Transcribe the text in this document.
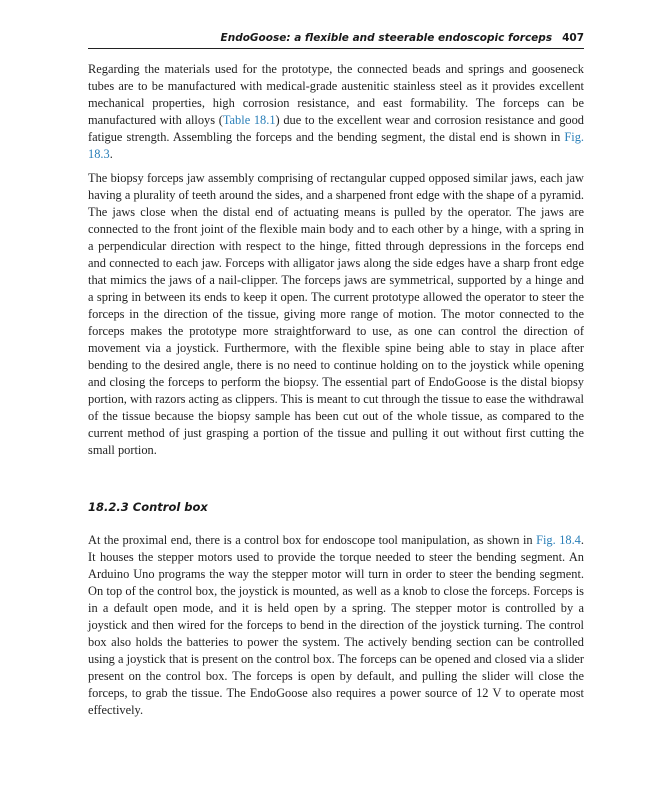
EndoGoose: a flexible and steerable endoscopic forceps 407

Regarding the materials used for the prototype, the connected beads and springs and gooseneck tubes are to be manufactured with medical-grade austenitic stainless steel as it provides excellent mechanical properties, high corrosion resistance, and east formability. The forceps can be manufactured with alloys (Table 18.1) due to the excellent wear and corrosion resistance and good fatigue strength. Assembling the forceps and the bending segment, the distal end is shown in Fig. 18.3.

The biopsy forceps jaw assembly comprising of rectangular cupped opposed similar jaws, each jaw having a plurality of teeth around the sides, and a sharpened front edge with the shape of a pyramid. The jaws close when the distal end of actuating means is pulled by the operator. The jaws are connected to the front joint of the flexible main body and to each other by a hinge, with a spring in a perpendicular direction with respect to the hinge, fitted through depressions in the forceps end and connected to each jaw. Forceps with alligator jaws along the side edges have a sharp front edge that mimics the jaws of a nail-clipper. The forceps jaws are symmetrical, supported by a hinge and a spring in between its ends to keep it open. The current prototype allowed the operator to steer the forceps in the direction of the tissue, giving more range of motion. The motor connected to the forceps makes the prototype more straightforward to use, as one can control the direction of movement via a joystick. Furthermore, with the flexible spine being able to stay in place after bending to the desired angle, there is no need to continue holding on to the joystick while opening and closing the forceps to perform the biopsy. The essential part of EndoGoose is the distal biopsy portion, with razors acting as clippers. This is meant to cut through the tissue to ease the withdrawal of the tissue because the biopsy sample has been cut out of the whole tissue, as compared to the current method of just grasping a portion of the tissue and pulling it out without first cutting the small portion.

18.2.3 Control box

At the proximal end, there is a control box for endoscope tool manipulation, as shown in Fig. 18.4. It houses the stepper motors used to provide the torque needed to steer the bending segment. An Arduino Uno programs the way the stepper motor will turn in order to steer the bending segment. On top of the control box, the joystick is mounted, as well as a knob to close the forceps. Forceps is in a default open mode, and it is held open by a spring. The stepper motor is controlled by a joystick and then wired for the forceps to bend in the direction of the joystick turning. The control box also holds the batteries to power the system. The actively bending section can be controlled using a joystick that is present on the control box. The forceps can be opened and closed via a slider present on the control box. The forceps is open by default, and pulling the slider will close the forceps, to grab the tissue. The EndoGoose also requires a power source of 12 V to operate most effectively.
